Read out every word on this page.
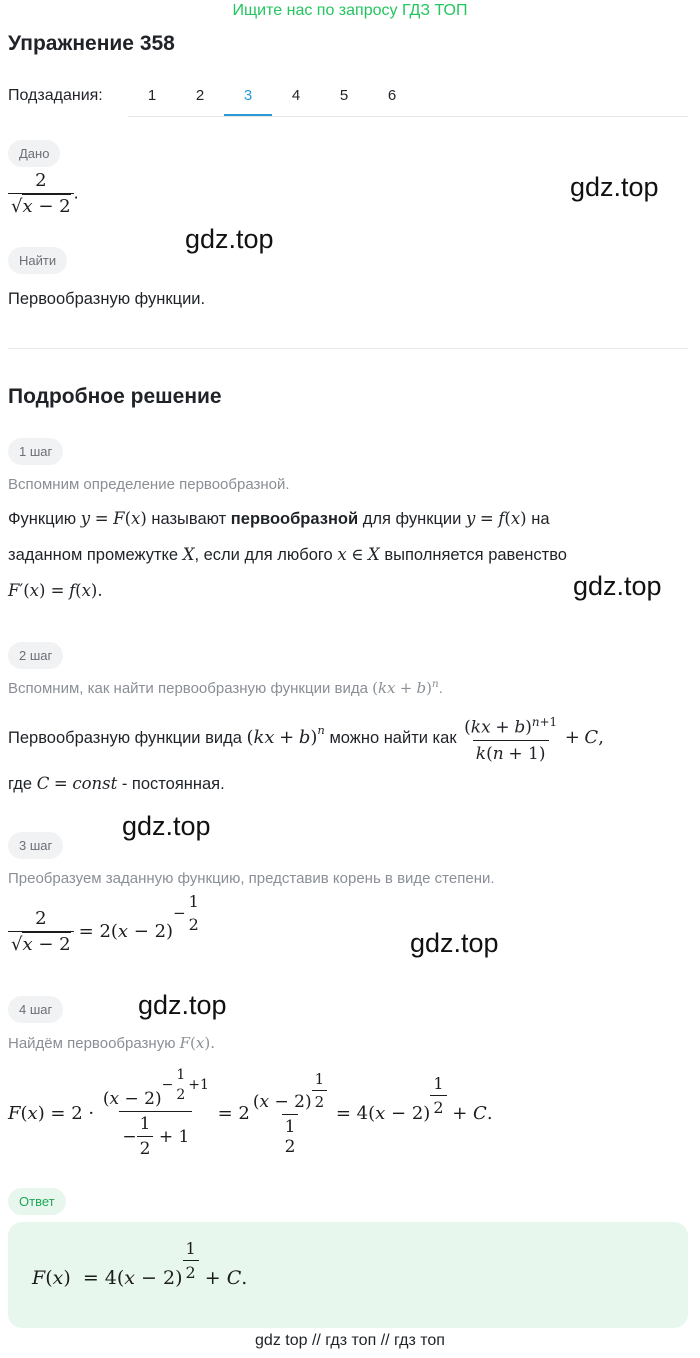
Ищите нас по запросу ГДЗ ТОП
Упражнение 358
Подзадания:	1	2	3	4	5	6
Дано
$\frac{2}{√x - 2}$ .	gdz.top
gdz.top
Найти
Первообразную функции.
Подробное решение
1 шаг
Вспомним определение первообразной.
Функцию y = F(x) называют первообразной для функции y = f(x) на
заданном промежутке X, если для любого x ∈ X выполняется равенство
F′(x) = f(x).	gdz.top
2 шаг
Вспомним, как найти первообразную функции вида (kx + b)$^n$.
Первообразную функции вида
( kx
+
b )$^n$
можно найти как
$\frac{(kx + b)^{n+1}}{k(n + 1)}$
+
C ,
где C = const - постоянная.
gdz.top
3 шаг
Преобразуем заданную функцию, представив корень в виде степени.
$\frac{2}{√x - 2}$
= 2( x − 2)
−
1
2
gdz.top
gdz.top
4 шаг
Найдём первообразную F(x).
F ( x ) = 2 · (x − 2)
−
1
2
+1
− $\frac{1}{2} + 1 = 2$
$(x - 2) \frac{1}{2}$
1
2
= 4( $x - 2) \frac{1}{2} + C$ .
Ответ
F ( x )  = 4( $x - 2) \frac{1}{2} + C$ .
gdz top // гдз топ // гдз топ
